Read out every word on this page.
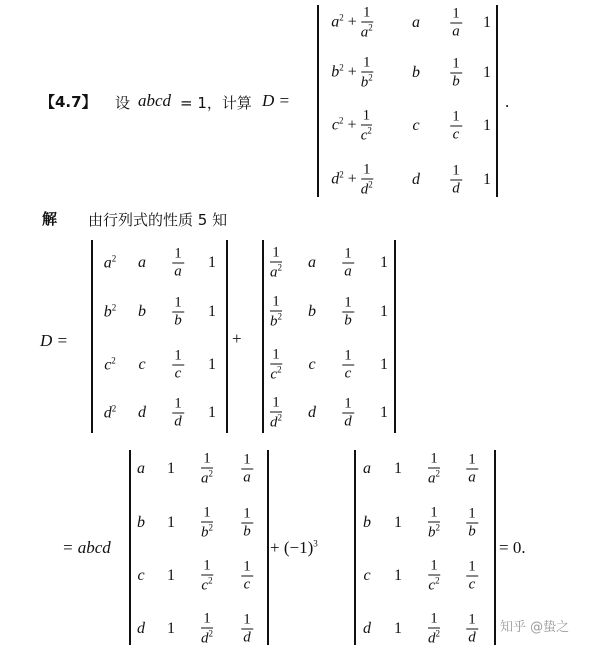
【4.7】 设 abcd = 1，计算 D =
$a^2 + \frac{1}{a^2}$ a $\frac{1}{a} 1$
$b^2 + \frac{1}{b^2}$ b $\frac{1}{b} 1$
$c^2 + \frac{1}{c^2}$	c $\frac{1}{c} 1$
$d^2 + \frac{1}{d^2}$ d $\frac{1}{d} 1$
.
解 由行列式的性质 5 知
D =
$a^2$ a $\frac{1}{a} 1$
$b^2$ b $\frac{1}{b} 1$
$c^2$ c $\frac{1}{c} 1$
$d^2$ d $\frac{1}{d} 1$
+
$\frac{1}{a^2}$ a $\frac{1}{a} 1$
$\frac{1}{b^2}$ b $\frac{1}{b} 1$
$\frac{1}{c^2}$ c $\frac{1}{c} 1$
$\frac{1}{d^2}$ d $\frac{1}{d} 1$
= abcd
a $1 \frac{1}{a^2} \frac{1}{a}$
b $1 \frac{1}{b^2} \frac{1}{b}$
c $1 \frac{1}{c^2} \frac{1}{c}$
d $1 \frac{1}{d^2} \frac{1}{d}$
+ $(-1)^3$
a $1 \frac{1}{a^2} \frac{1}{a}$
b $1 \frac{1}{b^2} \frac{1}{b}$
c $1 \frac{1}{c^2} \frac{1}{c}$
d $1 \frac{1}{d^2} \frac{1}{d}$
= 0.
知乎 @蛰之
